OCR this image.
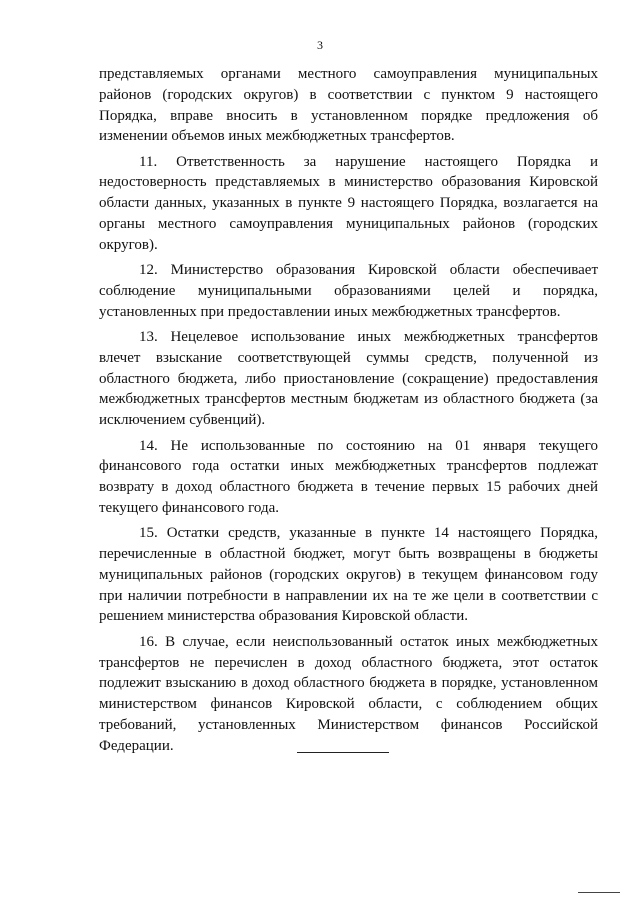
3

представляемых органами местного самоуправления муниципальных районов (городских округов) в соответствии с пунктом 9 настоящего Порядка, вправе вносить в установленном порядке предложения об изменении объемов иных межбюджетных трансфертов.

11. Ответственность за нарушение настоящего Порядка и недостоверность представляемых в министерство образования Кировской области данных, указанных в пункте 9 настоящего Порядка, возлагается на органы местного самоуправления муниципальных районов (городских округов).

12. Министерство образования Кировской области обеспечивает соблюдение муниципальными образованиями целей и порядка, установленных при предоставлении иных межбюджетных трансфертов.

13. Нецелевое использование иных межбюджетных трансфертов влечет взыскание соответствующей суммы средств, полученной из областного бюджета, либо приостановление (сокращение) предоставления межбюджетных трансфертов местным бюджетам из областного бюджета (за исключением субвенций).

14. Не использованные по состоянию на 01 января текущего финансового года остатки иных межбюджетных трансфертов подлежат возврату в доход областного бюджета в течение первых 15 рабочих дней текущего финансового года.

15. Остатки средств, указанные в пункте 14 настоящего Порядка, перечисленные в областной бюджет, могут быть возвращены в бюджеты муниципальных районов (городских округов) в текущем финансовом году при наличии потребности в направлении их на те же цели в соответствии с решением министерства образования Кировской области.

16. В случае, если неиспользованный остаток иных межбюджетных трансфертов не перечислен в доход областного бюджета, этот остаток подлежит взысканию в доход областного бюджета в порядке, установленном министерством финансов Кировской области, с соблюдением общих требований, установленных Министерством финансов Российской Федерации.
